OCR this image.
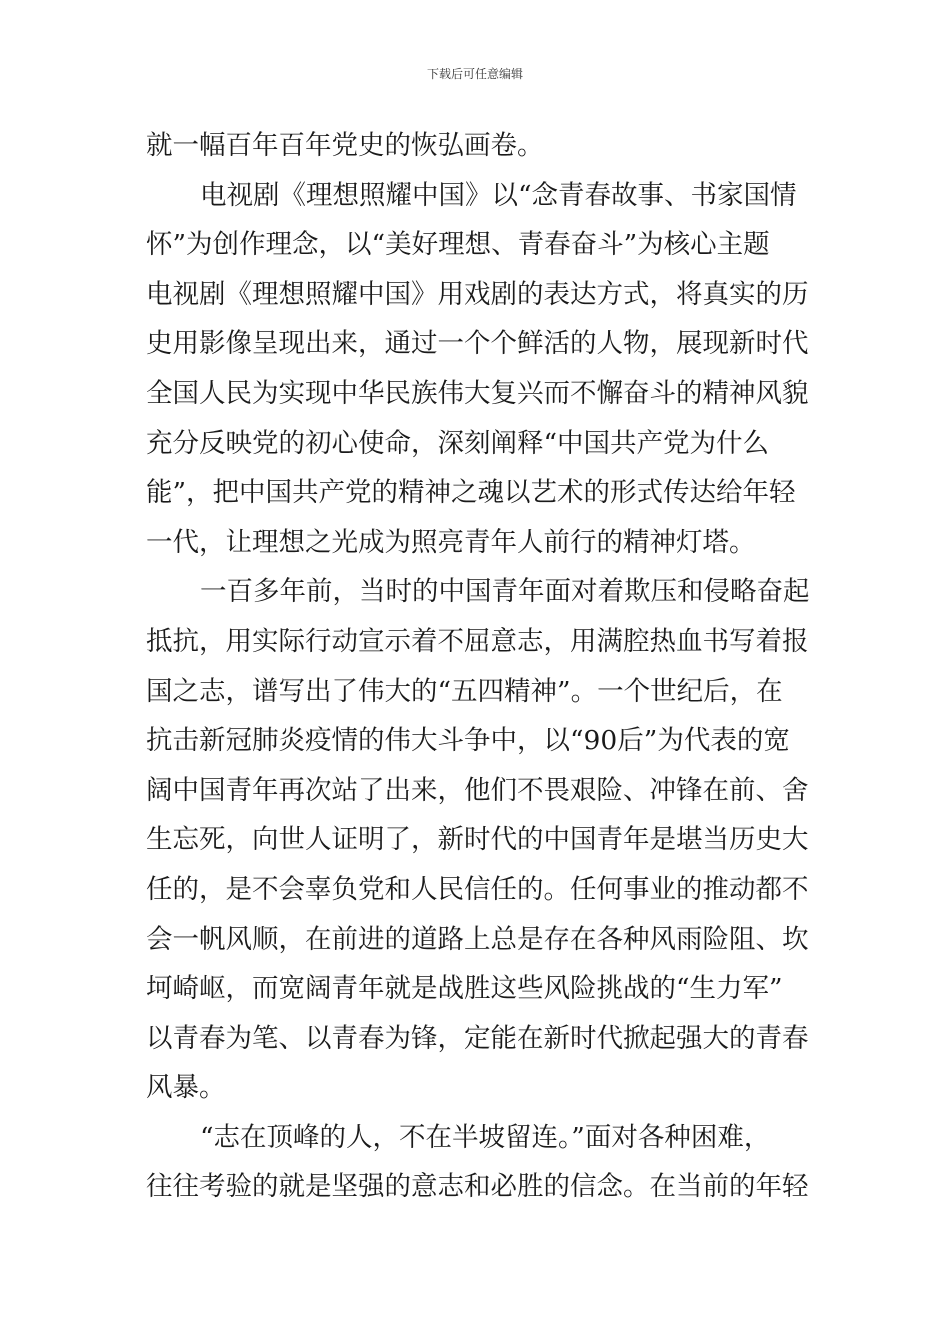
下载后可任意编辑
就一幅百年百年党史的恢弘画卷。
电视剧《理想照耀中国》以“念青春故事、书家国情
怀”为创作理念，以“美好理想、青春奋斗”为核心主题
电视剧《理想照耀中国》用戏剧的表达方式，将真实的历
史用影像呈现出来，通过一个个鲜活的人物，展现新时代
全国人民为实现中华民族伟大复兴而不懈奋斗的精神风貌
充分反映党的初心使命，深刻阐释“中国共产党为什么
能”，把中国共产党的精神之魂以艺术的形式传达给年轻
一代，让理想之光成为照亮青年人前行的精神灯塔。
一百多年前，当时的中国青年面对着欺压和侵略奋起
抵抗，用实际行动宣示着不屈意志，用满腔热血书写着报
国之志，谱写出了伟大的“五四精神”。一个世纪后，在
抗击新冠肺炎疫情的伟大斗争中，以“90后”为代表的宽
阔中国青年再次站了出来，他们不畏艰险、冲锋在前、舍
生忘死，向世人证明了，新时代的中国青年是堪当历史大
任的，是不会辜负党和人民信任的。任何事业的推动都不
会一帆风顺，在前进的道路上总是存在各种风雨险阻、坎
坷崎岖，而宽阔青年就是战胜这些风险挑战的“生力军”
以青春为笔、以青春为锋，定能在新时代掀起强大的青春
风暴。
“志在顶峰的人，不在半坡留连。”面对各种困难，
往往考验的就是坚强的意志和必胜的信念。在当前的年轻
